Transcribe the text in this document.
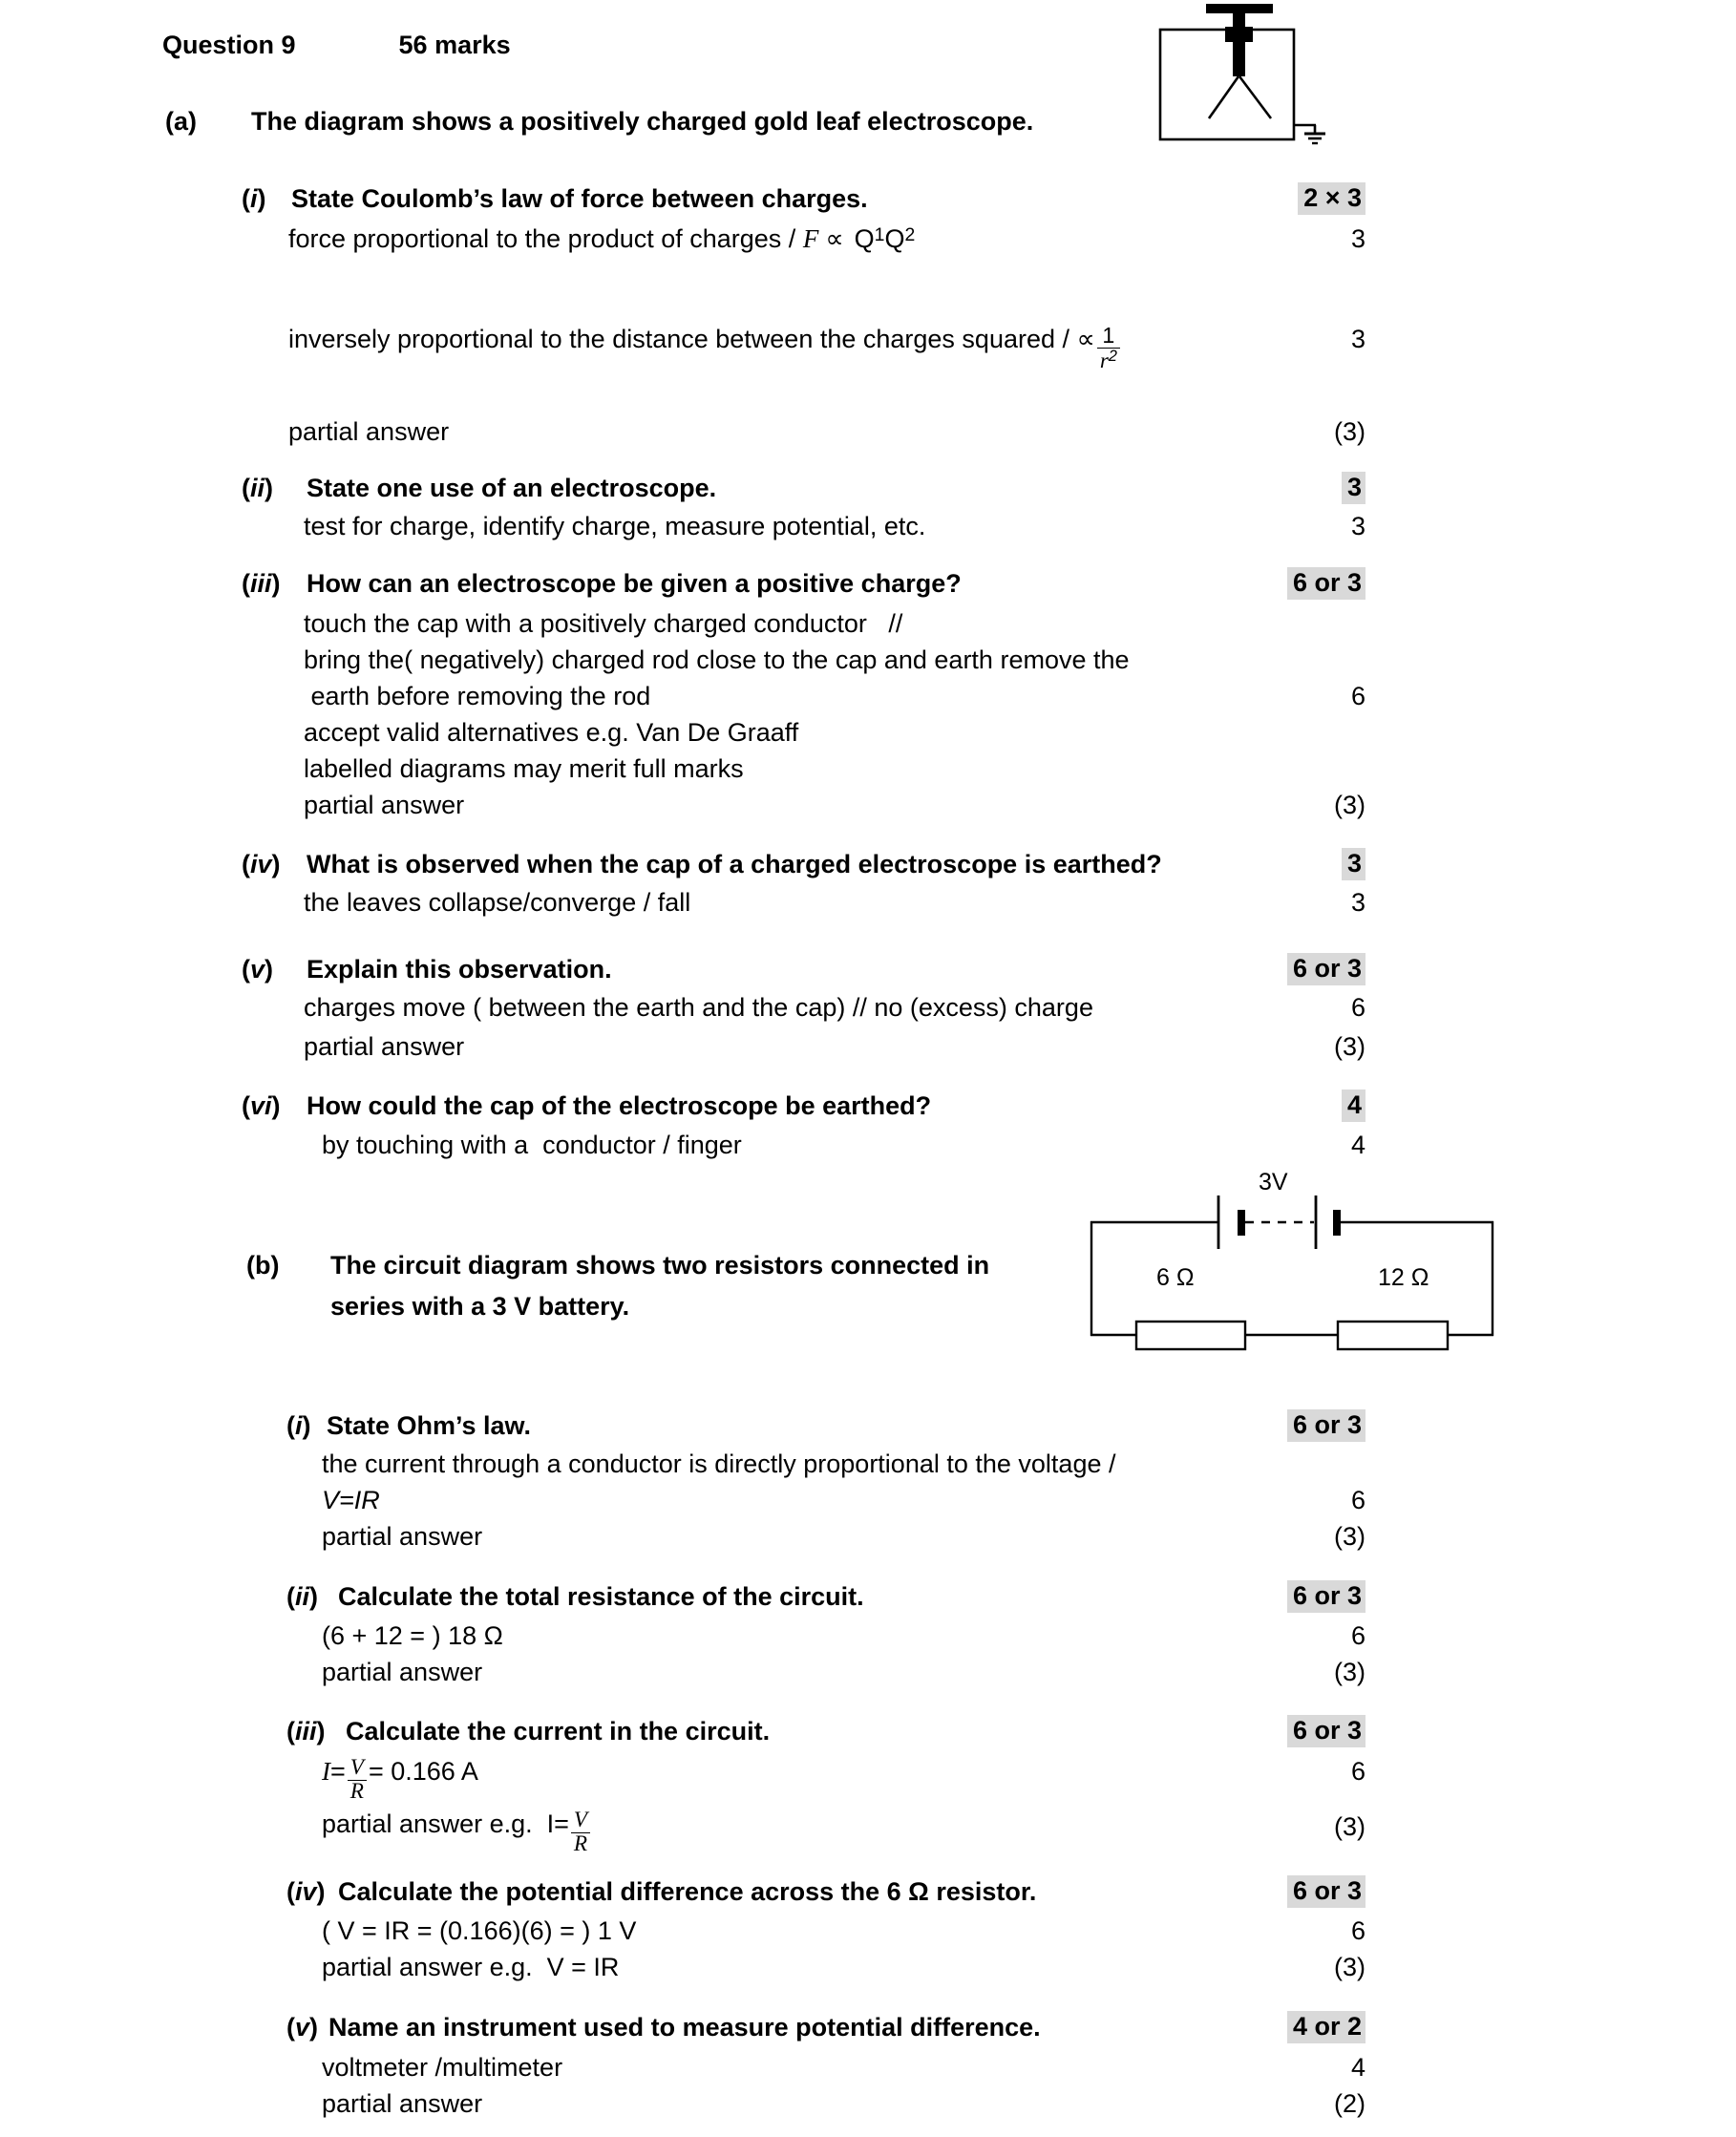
Question 9	56 marks
(a)	The diagram shows a positively charged gold leaf electroscope.
(i) State Coulomb’s law of force between charges.	2 × 3
force proportional to the product of charges / F ∝ Q 1 Q 2	3
inversely proportional to the distance between the charges squared / ∝ $\frac{1}{r^2}$	3
partial answer	(3)
(ii)	State one use of an electroscope.	3
test for charge, identify charge, measure potential, etc.	3
(iii)	How can an electroscope be given a positive charge?	6 or 3
touch the cap with a positively charged conductor   //
bring the( negatively) charged rod close to the cap and earth remove the
earth before removing the rod	6
accept valid alternatives e.g. Van De Graaff
labelled diagrams may merit full marks
partial answer	(3)
(iv)	What is observed when the cap of a charged electroscope is earthed?	3
the leaves collapse/converge / fall	3
(v)	Explain this observation.	6 or 3
charges move ( between the earth and the cap) // no (excess) charge	6
partial answer	(3)
(vi)	How could the cap of the electroscope be earthed?	4
by touching with a  conductor / finger	4
3V
6 Ω	12 Ω
(b)	The circuit diagram shows two resistors connected in
series with a 3 V battery.
(i) State Ohm’s law.	6 or 3
the current through a conductor is directly proportional to the voltage /
V=IR	6
partial answer	(3)
(ii) Calculate the total resistance of the circuit.	6 or 3
(6 + 12 = ) 18 Ω	6
partial answer	(3)
(iii) Calculate the current in the circuit.	6 or 3
$I = \frac{V}{R} = 0.166$ A	6
partial answer e.g. $I = \frac{V}{R}$	(3)
(iv) Calculate the potential difference across the 6 Ω resistor.	6 or 3
( V = IR = (0.166)(6) = ) 1 V	6
partial answer e.g.  V = IR	(3)
(v) Name an instrument used to measure potential difference.	4 or 2
voltmeter /multimeter	4
partial answer	(2)
